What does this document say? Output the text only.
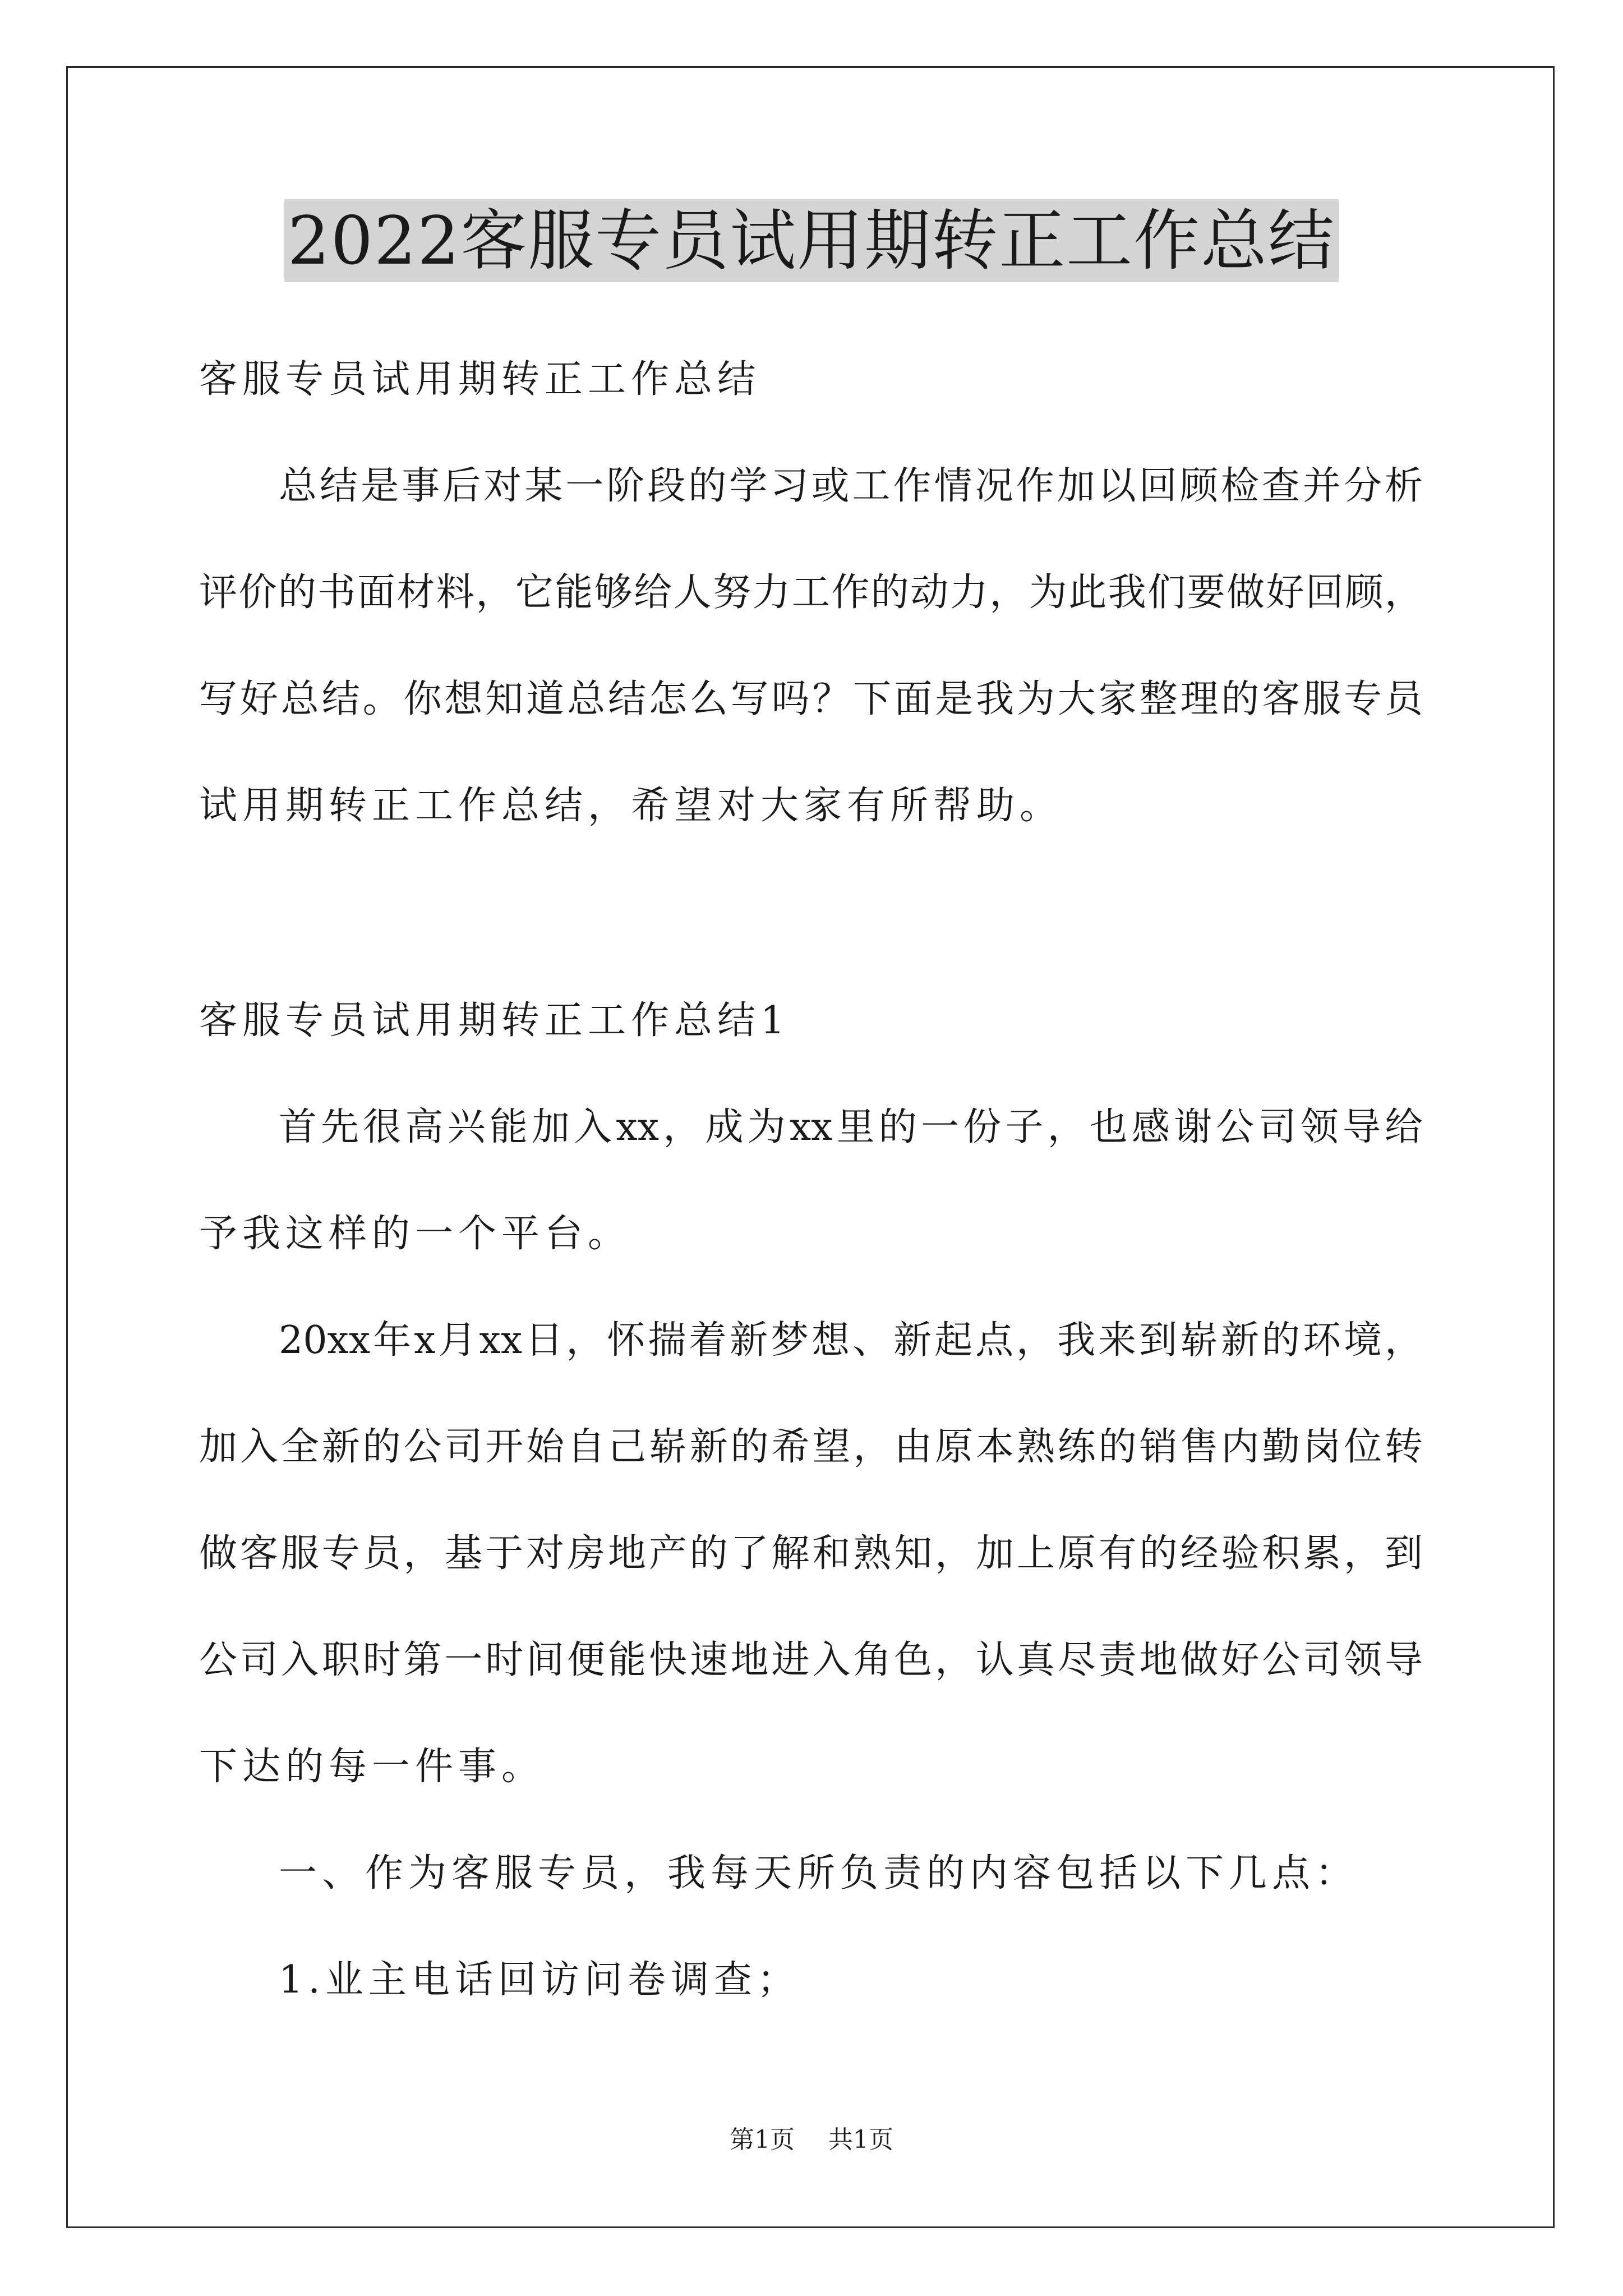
2022客服专员试用期转正工作总结
客服专员试用期转正工作总结
总结是事后对某一阶段的学习或工作情况作加以回顾检查并分析
评价的书面材料，它能够给人努力工作的动力，为此我们要做好回顾，
写好总结。你想知道总结怎么写吗？下面是我为大家整理的客服专员
试用期转正工作总结，希望对大家有所帮助。
客服专员试用期转正工作总结1
首先很高兴能加入xx，成为xx里的一份子，也感谢公司领导给
予我这样的一个平台。
20xx年x月xx日，怀揣着新梦想、新起点，我来到崭新的环境，
加入全新的公司开始自己崭新的希望，由原本熟练的销售内勤岗位转
做客服专员，基于对房地产的了解和熟知，加上原有的经验积累，到
公司入职时第一时间便能快速地进入角色，认真尽责地做好公司领导
下达的每一件事。
一、作为客服专员，我每天所负责的内容包括以下几点：
1.业主电话回访问卷调查；
第1页 共1页
